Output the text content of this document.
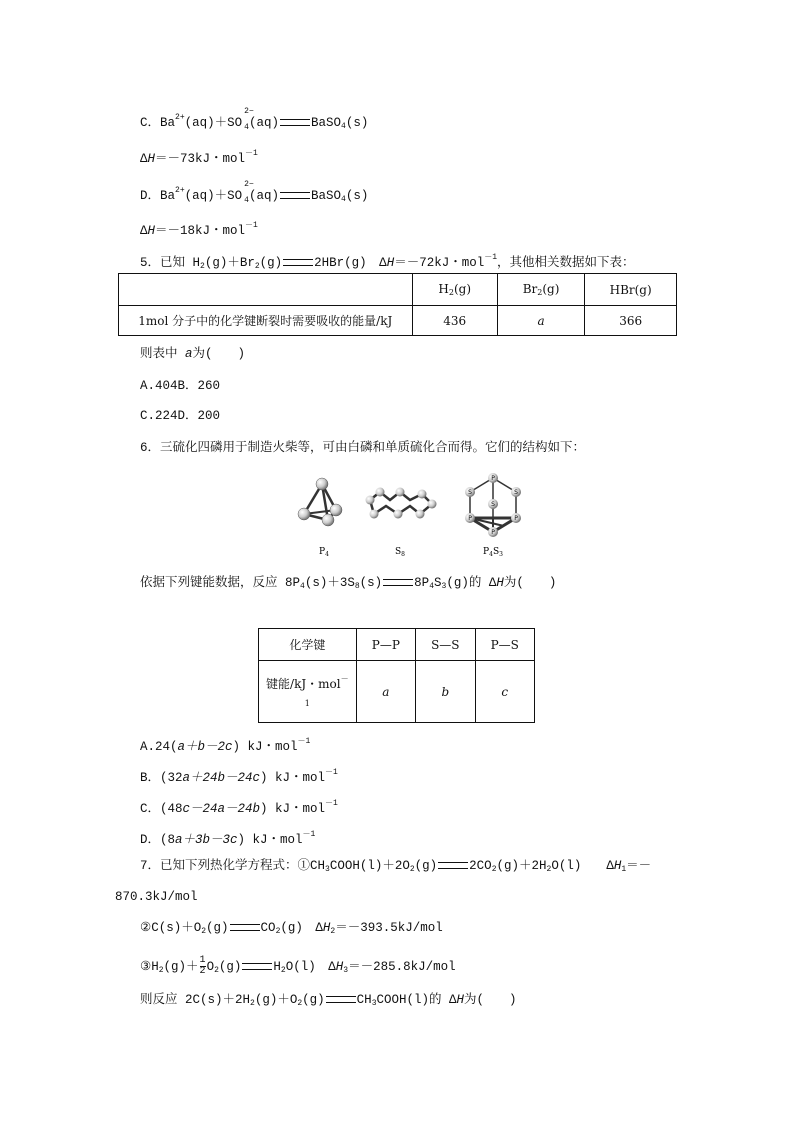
C．$Ba^{2+}(aq)+SO$
2−
$_4$(aq)	BaSO$_4$(s)
ΔH＝－73kJ・mol$^{-1}$
D．$Ba^{2+}(aq)+SO$
2−
$_4$(aq)	BaSO$_4$(s)
ΔH＝－18kJ・mol$^{-1}$
5．已知 $H_2(g)+Br_2(g)$	2HBr(g)　ΔH＝－72kJ・mol$^{-1}$，其他相关数据如下表：
	$H_2(g)$	$Br_2(g)$	HBr(g)
1mol 分子中的化学键断裂时需要吸收的能量/kJ	436	a	366
则表中 a为(　　)
A.404B．260
C.224D．200
6．三硫化四磷用于制造火柴等，可由白磷和单质硫化合而得。它们的结构如下：
P
S	S
S
P	P
P
$P_4$	$S_8$	$P_4S_3$
依据下列键能数据，反应 $8P_4(s)+3S_8(s)$	$8P_4S_3(g)$的 ΔH为(　　)
化学键	P—P	S—S	P—S
键能/kJ・mol－
1	a	b	c
A.24(a＋b－2c) kJ・mol$^{-1}$
B．(32a＋24b－24c) kJ・mol$^{-1}$
C．(48c－24a－24b) kJ・mol$^{-1}$
D．(8a＋3b－3c) kJ・mol$^{-1}$
7．已知下列热化学方程式：$①CH_3COOH(l)+2O_2(g)$	$2CO_2(g)+2H_2O(l)$　　$\Delta H_1=-$
870.3kJ/mol
$②C(s)+O_2(g)$	$CO_2(g)$　$\Delta H_2=-393.5kJ$/mol
$③H_2(g)+ \frac{1}{2} O_2(g)$	$H_2O(l)$　$\Delta H_3=-285.8kJ$/mol
则反应 $2C(s)+2H_2(g)+O_2(g)$	$CH_3COOH(l)$的 ΔH为(　　)
